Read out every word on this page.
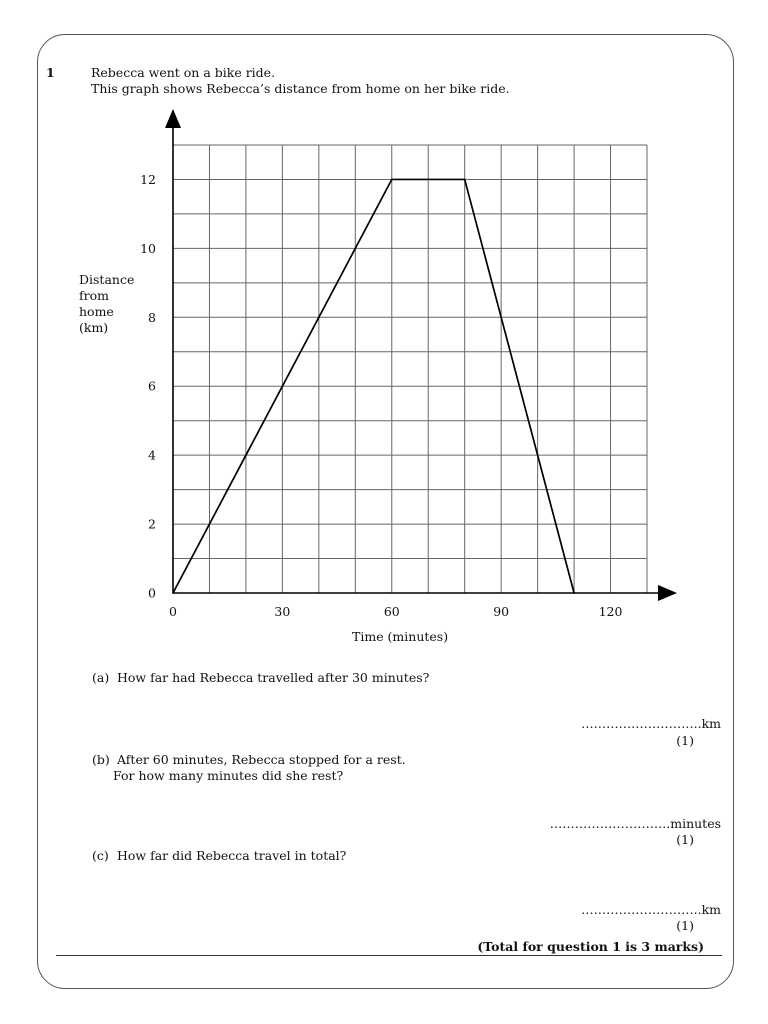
1	Rebecca went on a bike ride.
This graph shows Rebecca’s distance from home on her bike ride.
0	30	60	90	120
0
2
4
6
8
10
12
Distance
from
home
(km)
Time (minutes)
(a) How far had Rebecca travelled after 30 minutes?
………………………..km
(1)
(b) After 60 minutes, Rebecca stopped for a rest.
For how many minutes did she rest?
………………………..minutes
(1)
(c) How far did Rebecca travel in total?
………………………..km
(1)
(Total for question 1 is 3 marks)
